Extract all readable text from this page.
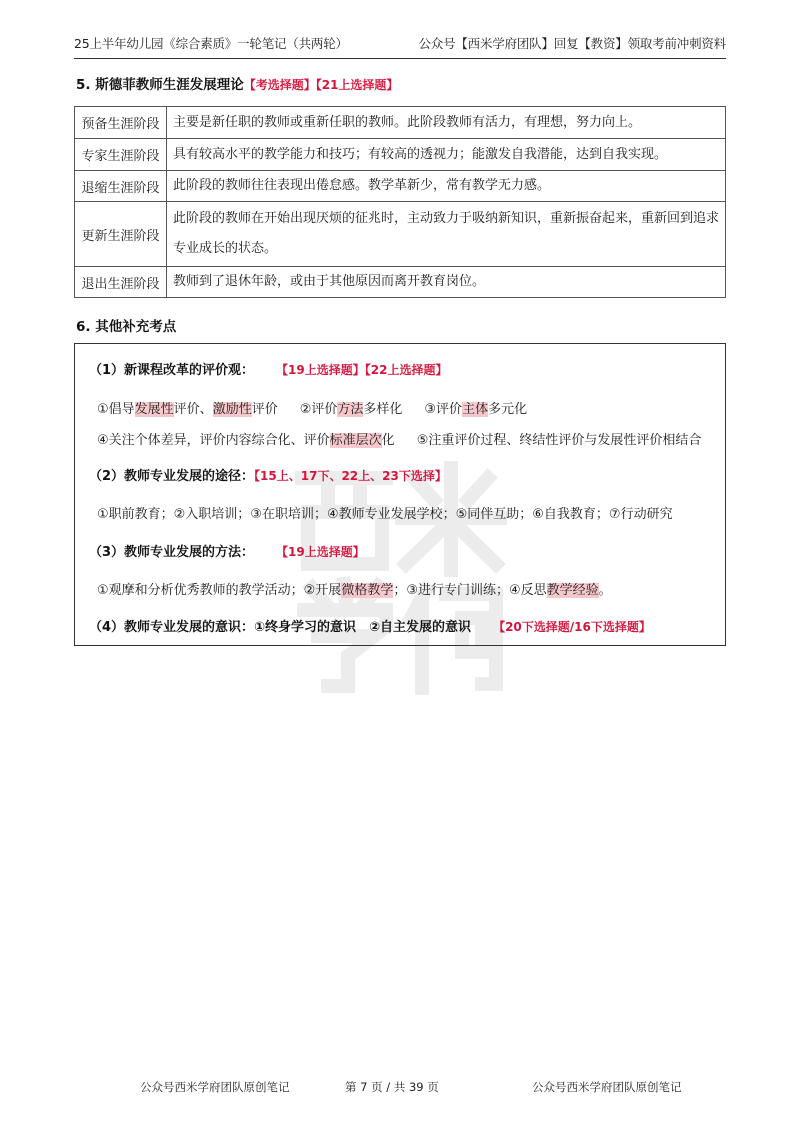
25上半年幼儿园《综合素质》一轮笔记（共两轮）	公众号【西米学府团队】回复【教资】领取考前冲刺资料
5. 斯德菲教师生涯发展理论【考选择题】【21上选择题】
预备生涯阶段	主要是新任职的教师或重新任职的教师。此阶段教师有活力，有理想，努力向上。
专家生涯阶段	具有较高水平的教学能力和技巧；有较高的透视力；能激发自我潜能，达到自我实现。
退缩生涯阶段	此阶段的教师往往表现出倦怠感。教学革新少，常有教学无力感。
更新生涯阶段	此阶段的教师在开始出现厌烦的征兆时，主动致力于吸纳新知识，重新振奋起来，重新回到追求专业成长的状态。
退出生涯阶段	教师到了退休年龄，或由于其他原因而离开教育岗位。
6. 其他补充考点
（1）新课程改革的评价观： 【19上选择题】【22上选择题】
①倡导发展性评价、激励性评价 ②评价方法多样化 ③评价主体多元化
④关注个体差异，评价内容综合化、评价标准层次化 ⑤注重评价过程、终结性评价与发展性评价相结合
（2）教师专业发展的途径：【15上、17下、22上、23下选择】
①职前教育；②入职培训；③在职培训；④教师专业发展学校；⑤同伴互助；⑥自我教育；⑦行动研究
（3）教师专业发展的方法： 【19上选择题】
①观摩和分析优秀教师的教学活动；②开展微格教学；③进行专门训练；④反思教学经验。
（4）教师专业发展的意识：①终身学习的意识　②自主发展的意识 【20下选择题/16下选择题】
公众号西米学府团队原创笔记	第 7 页 / 共 39 页	公众号西米学府团队原创笔记
